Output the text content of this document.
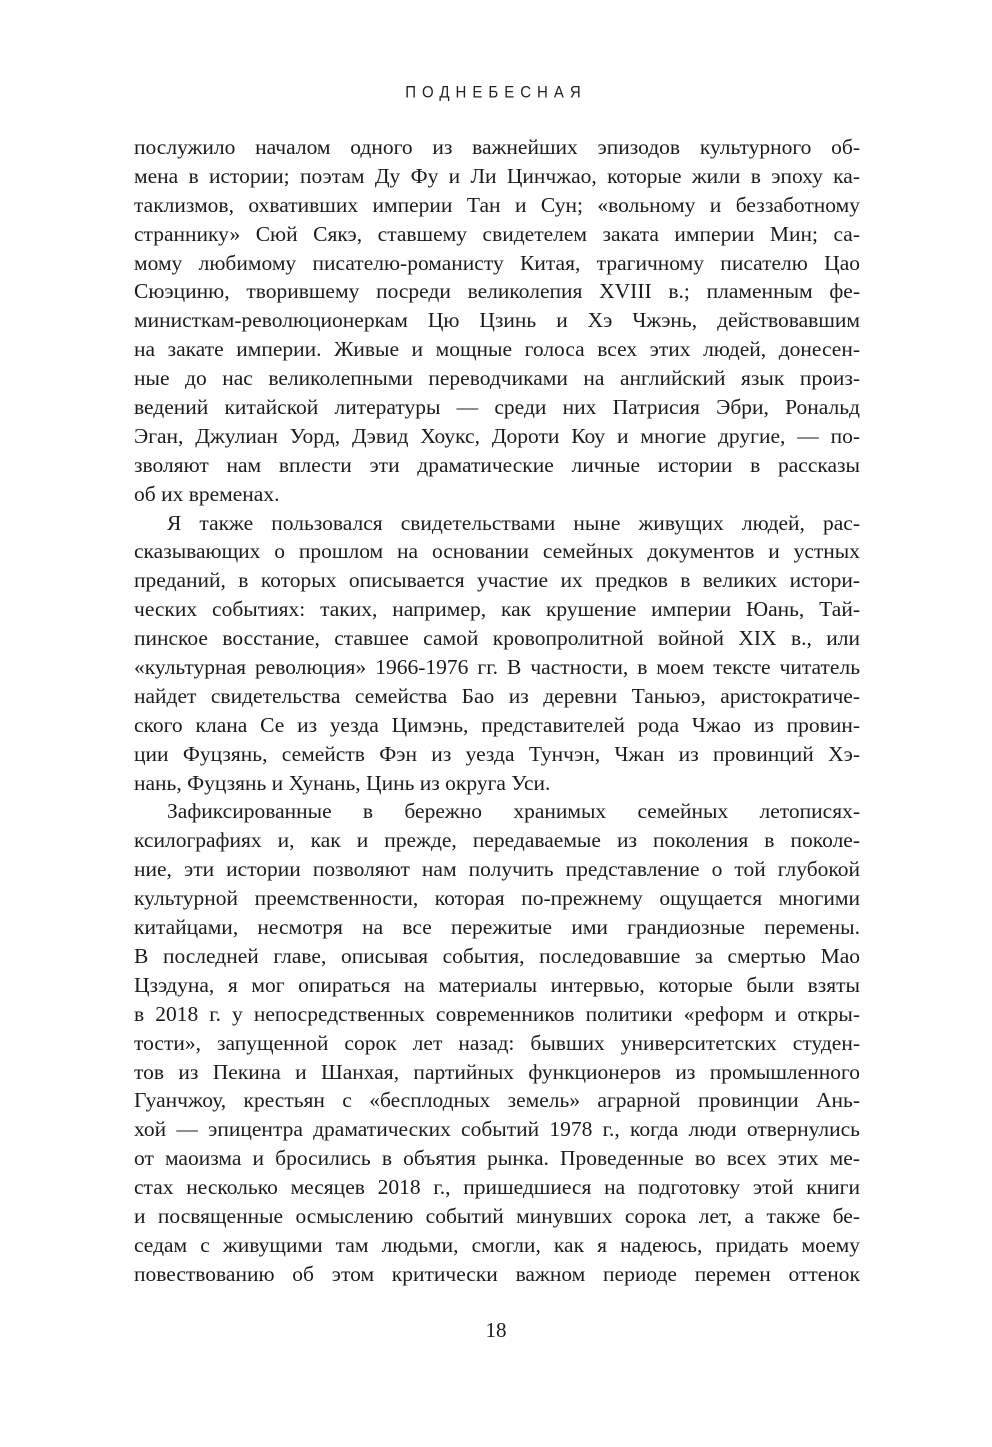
ПОДНЕБЕСНАЯ
послужило началом одного из важнейших эпизодов культурного об-
мена в истории; поэтам Ду Фу и Ли Цинчжао, которые жили в эпоху ка-
таклизмов, охвативших империи Тан и Сун; «вольному и беззаботному
страннику» Сюй Сякэ, ставшему свидетелем заката империи Мин; са-
мому любимому писателю-романисту Китая, трагичному писателю Цао
Сюэциню, творившему посреди великолепия XVIII в.; пламенным фе-
министкам-революционеркам Цю Цзинь и Хэ Чжэнь, действовавшим
на закате империи. Живые и мощные голоса всех этих людей, донесен-
ные до нас великолепными переводчиками на английский язык произ-
ведений китайской литературы — среди них Патрисия Эбри, Рональд
Эган, Джулиан Уорд, Дэвид Хоукс, Дороти Коу и многие другие, — по-
зволяют нам вплести эти драматические личные истории в рассказы
об их временах.
Я также пользовался свидетельствами ныне живущих людей, рас-
сказывающих о прошлом на основании семейных документов и устных
преданий, в которых описывается участие их предков в великих истори-
ческих событиях: таких, например, как крушение империи Юань, Тай-
пинское восстание, ставшее самой кровопролитной войной XIX в., или
«культурная революция» 1966-1976 гг. В частности, в моем тексте читатель
найдет свидетельства семейства Бао из деревни Таньюэ, аристократиче-
ского клана Се из уезда Цимэнь, представителей рода Чжао из провин-
ции Фуцзянь, семейств Фэн из уезда Тунчэн, Чжан из провинций Хэ-
нань, Фуцзянь и Хунань, Цинь из округа Уси.
Зафиксированные в бережно хранимых семейных летописях-
ксилографиях и, как и прежде, передаваемые из поколения в поколе-
ние, эти истории позволяют нам получить представление о той глубокой
культурной преемственности, которая по-прежнему ощущается многими
китайцами, несмотря на все пережитые ими грандиозные перемены.
В последней главе, описывая события, последовавшие за смертью Мао
Цзэдуна, я мог опираться на материалы интервью, которые были взяты
в 2018 г. у непосредственных современников политики «реформ и откры-
тости», запущенной сорок лет назад: бывших университетских студен-
тов из Пекина и Шанхая, партийных функционеров из промышленного
Гуанчжоу, крестьян с «бесплодных земель» аграрной провинции Ань-
хой — эпицентра драматических событий 1978 г., когда люди отвернулись
от маоизма и бросились в объятия рынка. Проведенные во всех этих ме-
стах несколько месяцев 2018 г., пришедшиеся на подготовку этой книги
и посвященные осмыслению событий минувших сорока лет, а также бе-
седам с живущими там людьми, смогли, как я надеюсь, придать моему
повествованию об этом критически важном периоде перемен оттенок
18
